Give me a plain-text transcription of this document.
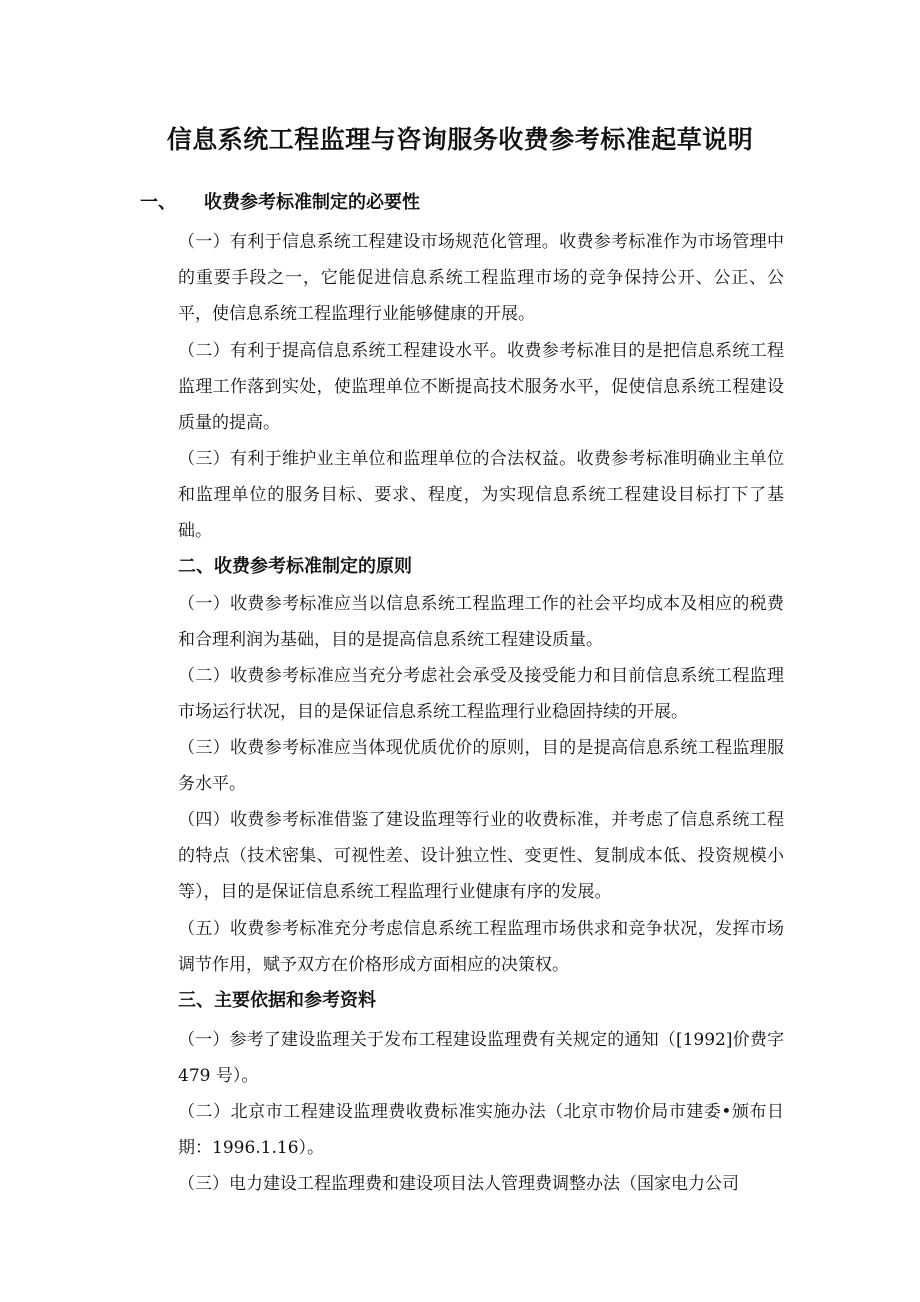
信息系统工程监理与咨询服务收费参考标准起草说明
一、 收费参考标准制定的必要性

（一）有利于信息系统工程建设市场规范化管理。收费参考标准作为市场管理中的重要手段之一，它能促进信息系统工程监理市场的竞争保持公开、公正、公平，使信息系统工程监理行业能够健康的开展。

（二）有利于提高信息系统工程建设水平。收费参考标准目的是把信息系统工程监理工作落到实处，使监理单位不断提高技术服务水平，促使信息系统工程建设质量的提高。

（三）有利于维护业主单位和监理单位的合法权益。收费参考标准明确业主单位和监理单位的服务目标、要求、程度，为实现信息系统工程建设目标打下了基础。

二、收费参考标准制定的原则

（一）收费参考标准应当以信息系统工程监理工作的社会平均成本及相应的税费和合理利润为基础，目的是提高信息系统工程建设质量。

（二）收费参考标准应当充分考虑社会承受及接受能力和目前信息系统工程监理市场运行状况，目的是保证信息系统工程监理行业稳固持续的开展。

（三）收费参考标准应当体现优质优价的原则，目的是提高信息系统工程监理服务水平。

（四）收费参考标准借鉴了建设监理等行业的收费标准，并考虑了信息系统工程的特点（技术密集、可视性差、设计独立性、变更性、复制成本低、投资规模小等），目的是保证信息系统工程监理行业健康有序的发展。

（五）收费参考标准充分考虑信息系统工程监理市场供求和竞争状况，发挥市场调节作用，赋予双方在价格形成方面相应的决策权。

三、主要依据和参考资料

（一）参考了建设监理关于发布工程建设监理费有关规定的通知（[1992]价费字 479 号）。

（二）北京市工程建设监理费收费标准实施办法（北京市物价局市建委•颁布日期：1996.1.16）。

（三）电力建设工程监理费和建设项目法人管理费调整办法（国家电力公司
